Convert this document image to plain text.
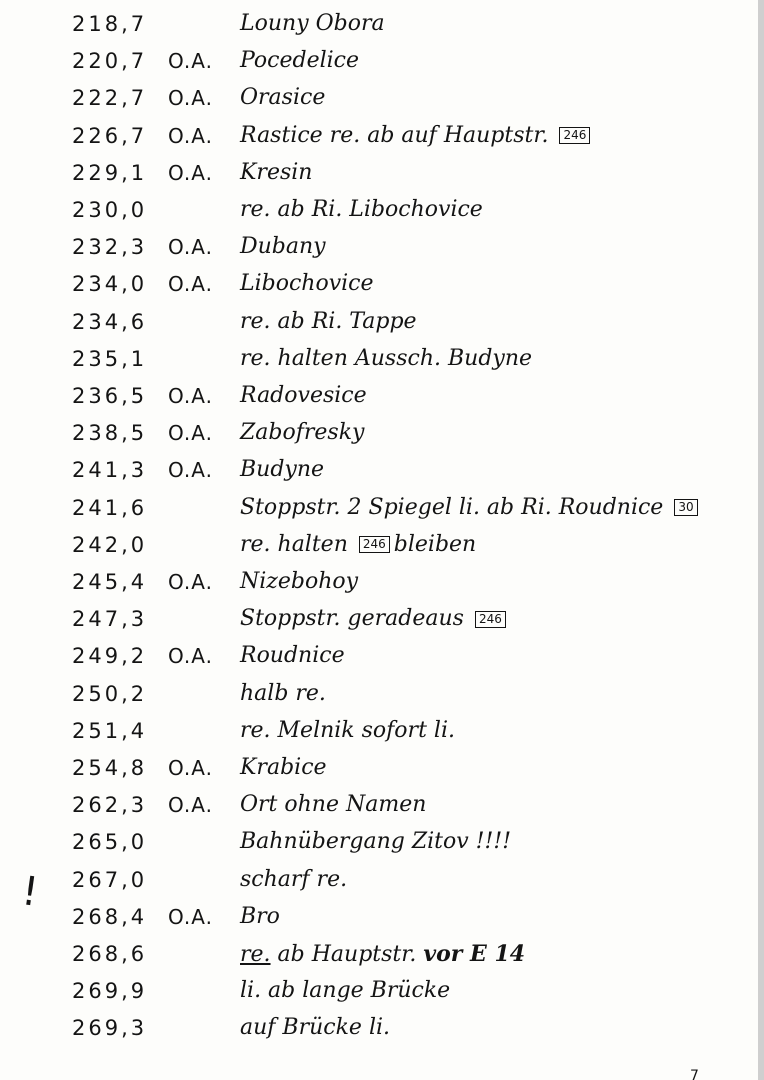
218,7	Louny Obora
220,7 O.A. Pocedelice
222,7 O.A. Orasice
226,7 O.A. Rastice re. ab auf Hauptstr. 246
229,1 O.A. Kresin
230,0	re. ab Ri. Libochovice
232,3 O.A. Dubany
234,0 O.A. Libochovice
234,6	re. ab Ri. Tappe
235,1	re. halten Aussch. Budyne
236,5 O.A. Radovesice
238,5 O.A. Zabofresky
241,3 O.A. Budyne
241,6	Stoppstr. 2 Spiegel li. ab Ri. Roudnice 30
242,0	re. halten 246 bleiben
245,4 O.A. Nizebohoy
247,3	Stoppstr. geradeaus 246
249,2 O.A. Roudnice
250,2	halb re.
251,4	re. Melnik sofort li.
254,8 O.A. Krabice
262,3 O.A. Ort ohne Namen
265,0	Bahnübergang Zitov !!!!
267,0	scharf re.
268,4 O.A. Bro
268,6	re. ab Hauptstr. vor E 14
269,9	li. ab lange Brücke
269,3	auf Brücke li.
!
7
